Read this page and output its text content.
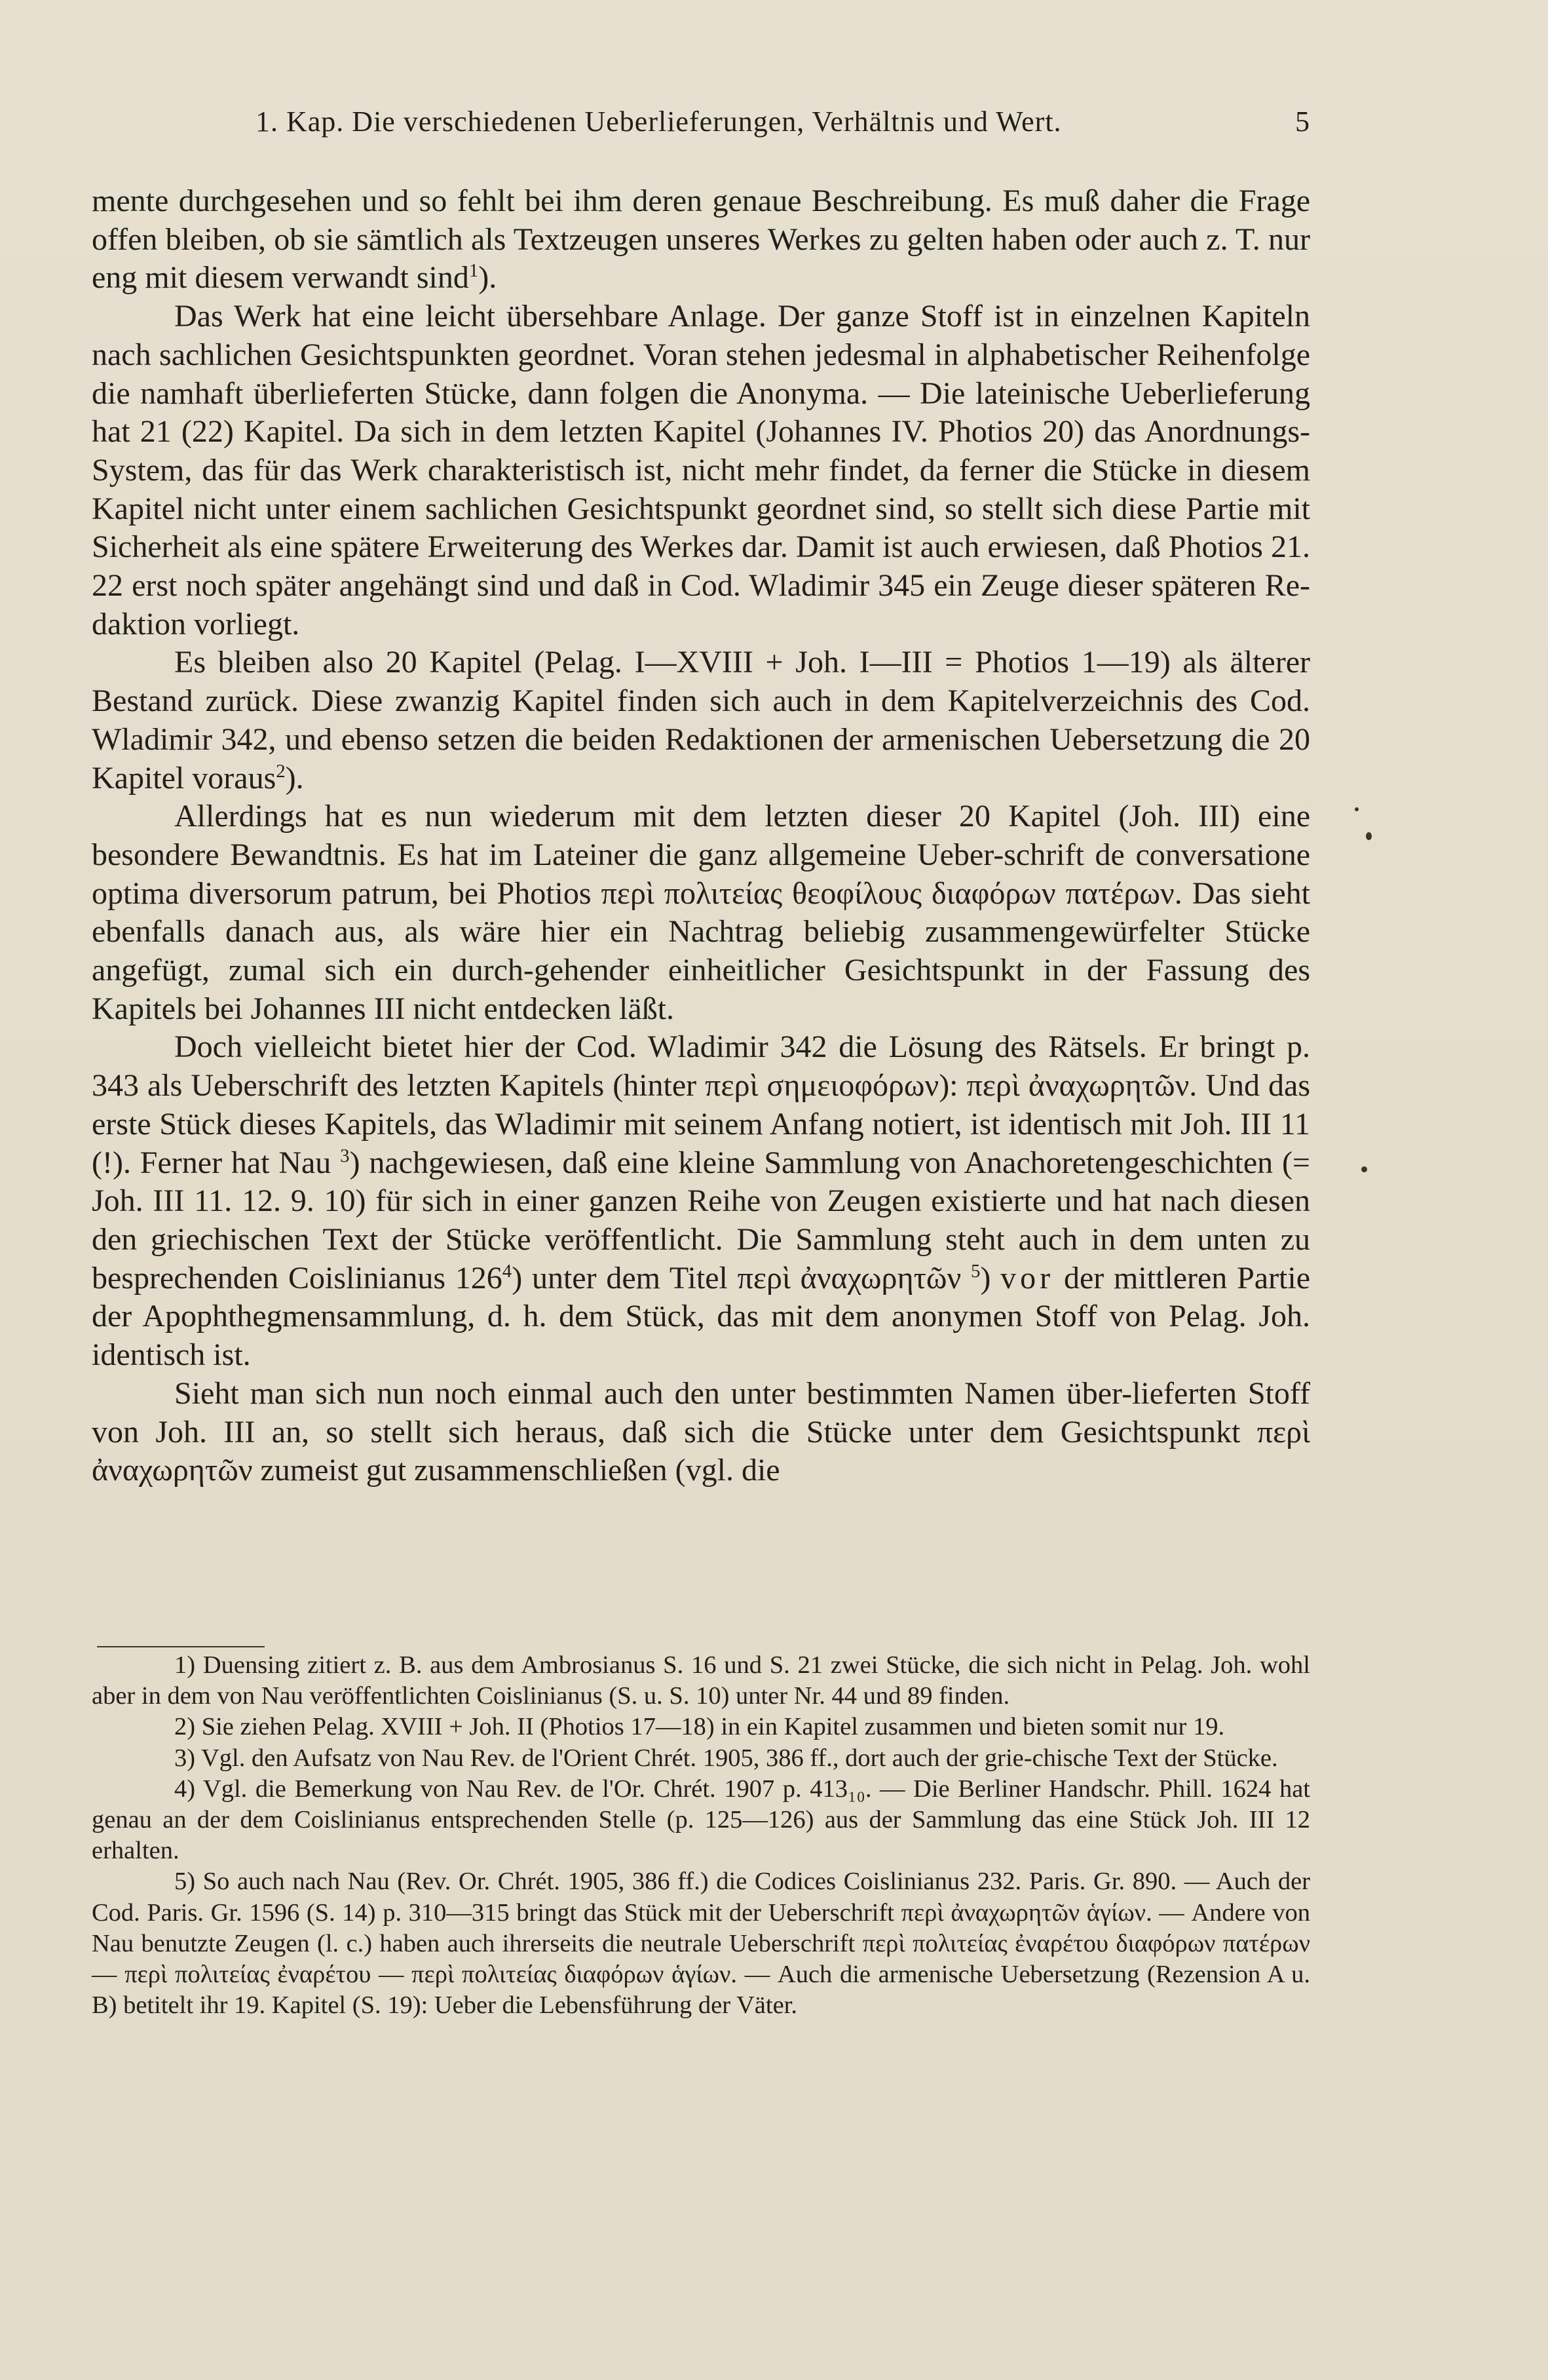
1. Kap. Die verschiedenen Ueberlieferungen, Verhältnis und Wert.	5

mente durchgesehen und so fehlt bei ihm deren genaue Beschreibung. Es muß daher die Frage offen bleiben, ob sie sämtlich als Textzeugen unseres Werkes zu gelten haben oder auch z. T. nur eng mit diesem verwandt sind$^1$).

Das Werk hat eine leicht übersehbare Anlage. Der ganze Stoff ist in einzelnen Kapiteln nach sachlichen Gesichtspunkten geordnet. Voran stehen jedesmal in alphabetischer Reihenfolge die namhaft überlieferten Stücke, dann folgen die Anonyma. — Die lateinische Ueberlieferung hat 21 (22) Kapitel. Da sich in dem letzten Kapitel (Johannes IV. Photios 20) das Anordnungs-System, das für das Werk charakteristisch ist, nicht mehr findet, da ferner die Stücke in diesem Kapitel nicht unter einem sachlichen Gesichtspunkt geordnet sind, so stellt sich diese Partie mit Sicherheit als eine spätere Erweiterung des Werkes dar. Damit ist auch erwiesen, daß Photios 21. 22 erst noch später angehängt sind und daß in Cod. Wladimir 345 ein Zeuge dieser späteren Re-daktion vorliegt.

Es bleiben also 20 Kapitel (Pelag. I—XVIII + Joh. I—III = Photios 1—19) als älterer Bestand zurück. Diese zwanzig Kapitel finden sich auch in dem Kapitelverzeichnis des Cod. Wladimir 342, und ebenso setzen die beiden Redaktionen der armenischen Uebersetzung die 20 Kapitel voraus$^2$).

Allerdings hat es nun wiederum mit dem letzten dieser 20 Kapitel (Joh. III) eine besondere Bewandtnis. Es hat im Lateiner die ganz allgemeine Ueber-schrift de conversatione optima diversorum patrum, bei Photios περὶ πολιτείας θεοφίλους διαφόρων πατέρων. Das sieht ebenfalls danach aus, als wäre hier ein Nachtrag beliebig zusammengewürfelter Stücke angefügt, zumal sich ein durch-gehender einheitlicher Gesichtspunkt in der Fassung des Kapitels bei Johannes III nicht entdecken läßt.

Doch vielleicht bietet hier der Cod. Wladimir 342 die Lösung des Rätsels. Er bringt p. 343 als Ueberschrift des letzten Kapitels (hinter περὶ σημειοφόρων): περὶ ἀναχωρητῶν. Und das erste Stück dieses Kapitels, das Wladimir mit seinem Anfang notiert, ist identisch mit Joh. III 11 (!). Ferner hat Nau $^3$) nachgewiesen, daß eine kleine Sammlung von Anachoretengeschichten (= Joh. III 11. 12. 9. 10) für sich in einer ganzen Reihe von Zeugen existierte und hat nach diesen den griechischen Text der Stücke veröffentlicht. Die Sammlung steht auch in dem unten zu besprechenden Coislinianus $126^4$) unter dem Titel περὶ ἀναχωρητῶν $^5$) vor der mittleren Partie der Apophthegmensammlung, d. h. dem Stück, das mit dem anonymen Stoff von Pelag. Joh. identisch ist.

Sieht man sich nun noch einmal auch den unter bestimmten Namen über-lieferten Stoff von Joh. III an, so stellt sich heraus, daß sich die Stücke unter dem Gesichtspunkt περὶ ἀναχωρητῶν zumeist gut zusammenschließen (vgl. die

1) Duensing zitiert z. B. aus dem Ambrosianus S. 16 und S. 21 zwei Stücke, die sich nicht in Pelag. Joh. wohl aber in dem von Nau veröffentlichten Coislinianus (S. u. S. 10) unter Nr. 44 und 89 finden.

2) Sie ziehen Pelag. XVIII + Joh. II (Photios 17—18) in ein Kapitel zusammen und bieten somit nur 19.

3) Vgl. den Aufsatz von Nau Rev. de l'Orient Chrét. 1905, 386 ff., dort auch der grie-chische Text der Stücke.

4) Vgl. die Bemerkung von Nau Rev. de l'Or. Chrét. 1907 p. 413₁₀. — Die Berliner Handschr. Phill. 1624 hat genau an der dem Coislinianus entsprechenden Stelle (p. 125—126) aus der Sammlung das eine Stück Joh. III 12 erhalten.

5) So auch nach Nau (Rev. Or. Chrét. 1905, 386 ff.) die Codices Coislinianus 232. Paris. Gr. 890. — Auch der Cod. Paris. Gr. 1596 (S. 14) p. 310—315 bringt das Stück mit der Ueberschrift περὶ ἀναχωρητῶν ἁγίων. — Andere von Nau benutzte Zeugen (l. c.) haben auch ihrerseits die neutrale Ueberschrift περὶ πολιτείας ἐναρέτου διαφόρων πατέρων — περὶ πολιτείας ἐναρέτου — περὶ πολιτείας διαφόρων ἁγίων. — Auch die armenische Uebersetzung (Rezension A u. B) betitelt ihr 19. Kapitel (S. 19): Ueber die Lebensführung der Väter.
